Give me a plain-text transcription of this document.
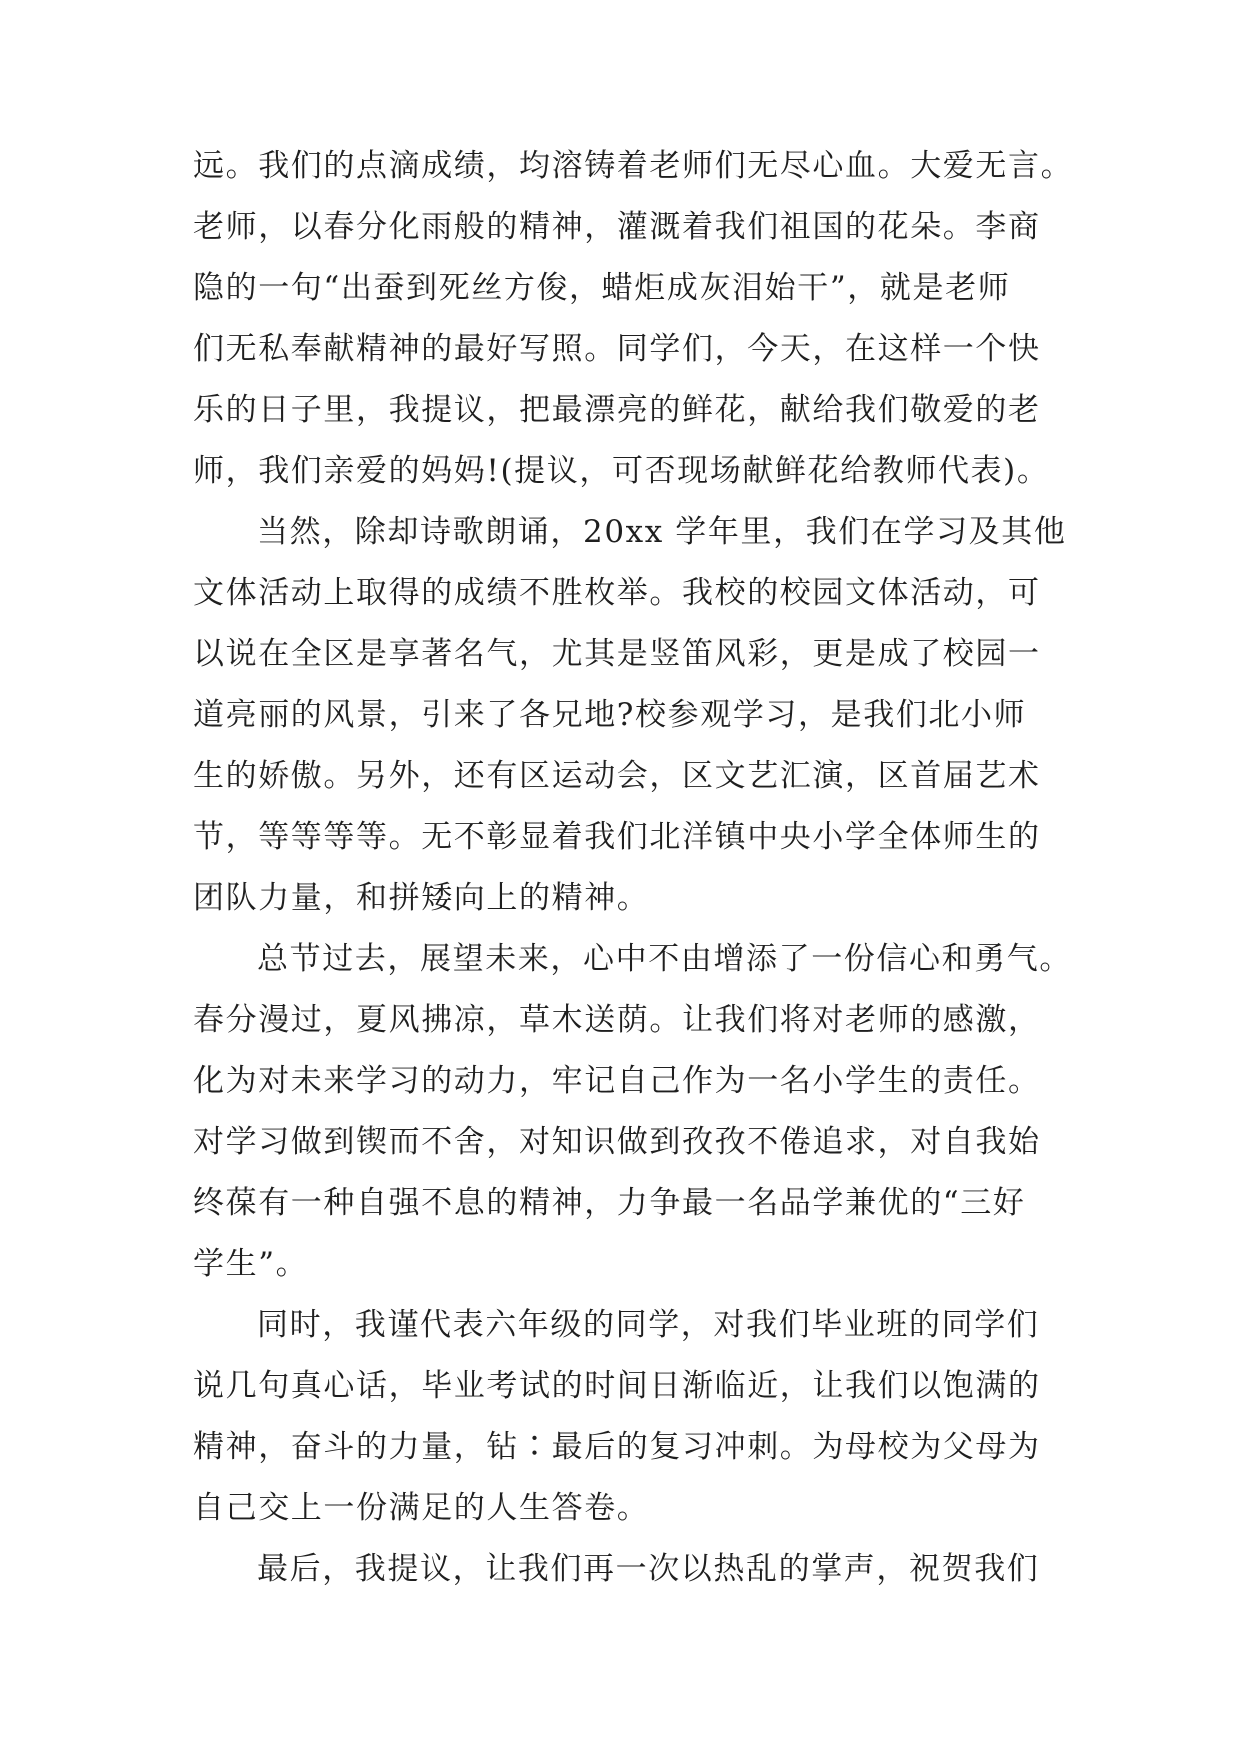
远。我们的点滴成绩，均溶铸着老师们无尽心血。大爱无言。
老师，以春分化雨般的精神，灌溉着我们祖国的花朵。李商
隐的一句“出蚕到死丝方俊，蜡炬成灰泪始干”，就是老师
们无私奉献精神的最好写照。同学们，今天，在这样一个快
乐的日子里，我提议，把最漂亮的鲜花，献给我们敬爱的老
师，我们亲爱的妈妈!(提议，可否现场献鲜花给教师代表)。
当然，除却诗歌朗诵，20xx 学年里，我们在学习及其他
文体活动上取得的成绩不胜枚举。我校的校园文体活动，可
以说在全区是享著名气，尤其是竖笛风彩，更是成了校园一
道亮丽的风景，引来了各兄地?校参观学习，是我们北小师
生的娇傲。另外，还有区运动会，区文艺汇演，区首届艺术
节，等等等等。无不彰显着我们北洋镇中央小学全体师生的
团队力量，和拼矮向上的精神。
总节过去，展望未来，心中不由增添了一份信心和勇气。
春分漫过，夏风拂凉，草木送荫。让我们将对老师的感激，
化为对未来学习的动力，牢记自己作为一名小学生的责任。
对学习做到锲而不舍，对知识做到孜孜不倦追求，对自我始
终葆有一种自强不息的精神，力争最一名品学兼优的“三好
学生”。
同时，我谨代表六年级的同学，对我们毕业班的同学们
说几句真心话，毕业考试的时间日渐临近，让我们以饱满的
精神，奋斗的力量，钻∶最后的复习冲刺。为母校为父母为
自己交上一份满足的人生答卷。
最后，我提议，让我们再一次以热乱的掌声，祝贺我们
